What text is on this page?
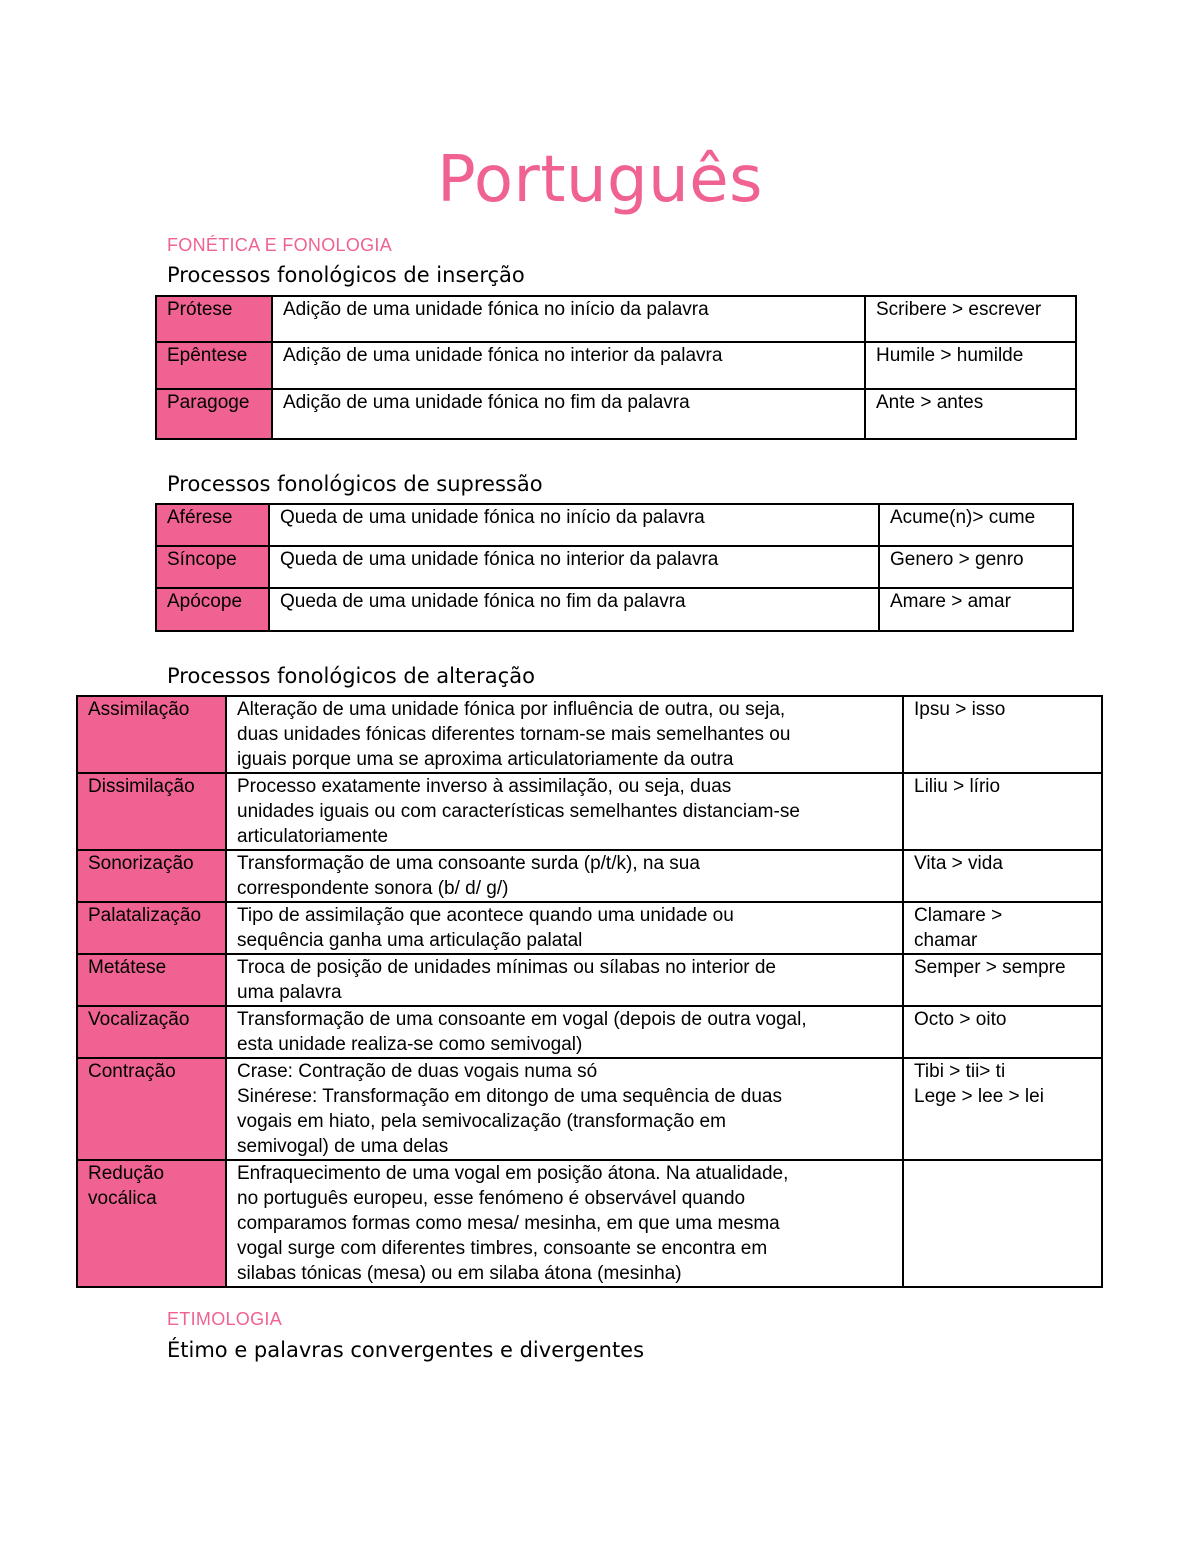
Português
FONÉTICA E FONOLOGIA
Processos fonológicos de inserção
Prótese	Adição de uma unidade fónica no início da palavra	Scribere > escrever
Epêntese	Adição de uma unidade fónica no interior da palavra	Humile > humilde
Paragoge	Adição de uma unidade fónica no fim da palavra	Ante > antes
Processos fonológicos de supressão
Aférese	Queda de uma unidade fónica no início da palavra	Acume(n)> cume
Síncope	Queda de uma unidade fónica no interior da palavra	Genero > genro
Apócope	Queda de uma unidade fónica no fim da palavra	Amare > amar
Processos fonológicos de alteração
Assimilação	Alteração de uma unidade fónica por influência de outra, ou seja,
duas unidades fónicas diferentes tornam-se mais semelhantes ou
iguais porque uma se aproxima articulatoriamente da outra	Ipsu > isso

Dissimilação	Processo exatamente inverso à assimilação, ou seja, duas
unidades iguais ou com características semelhantes distanciam-se
articulatoriamente	Liliu > lírio

Sonorização	Transformação de uma consoante surda (p/t/k), na sua
correspondente sonora (b/ d/ g/)	Vita > vida

Palatalização	Tipo de assimilação que acontece quando uma unidade ou
sequência ganha uma articulação palatal	Clamare >
chamar

Metátese	Troca de posição de unidades mínimas ou sílabas no interior de
uma palavra	Semper > sempre

Vocalização	Transformação de uma consoante em vogal (depois de outra vogal,
esta unidade realiza-se como semivogal)	Octo > oito

Contração	Crase: Contração de duas vogais numa só
Sinérese: Transformação em ditongo de uma sequência de duas
vogais em hiato, pela semivocalização (transformação em
semivogal) de uma delas	Tibi > tii> ti
Lege > lee > lei

Redução vocálica	Enfraquecimento de uma vogal em posição átona. Na atualidade,
no português europeu, esse fenómeno é observável quando
comparamos formas como mesa/ mesinha, em que uma mesma
vogal surge com diferentes timbres, consoante se encontra em
silabas tónicas (mesa) ou em silaba átona (mesinha)	

ETIMOLOGIA
Étimo e palavras convergentes e divergentes
